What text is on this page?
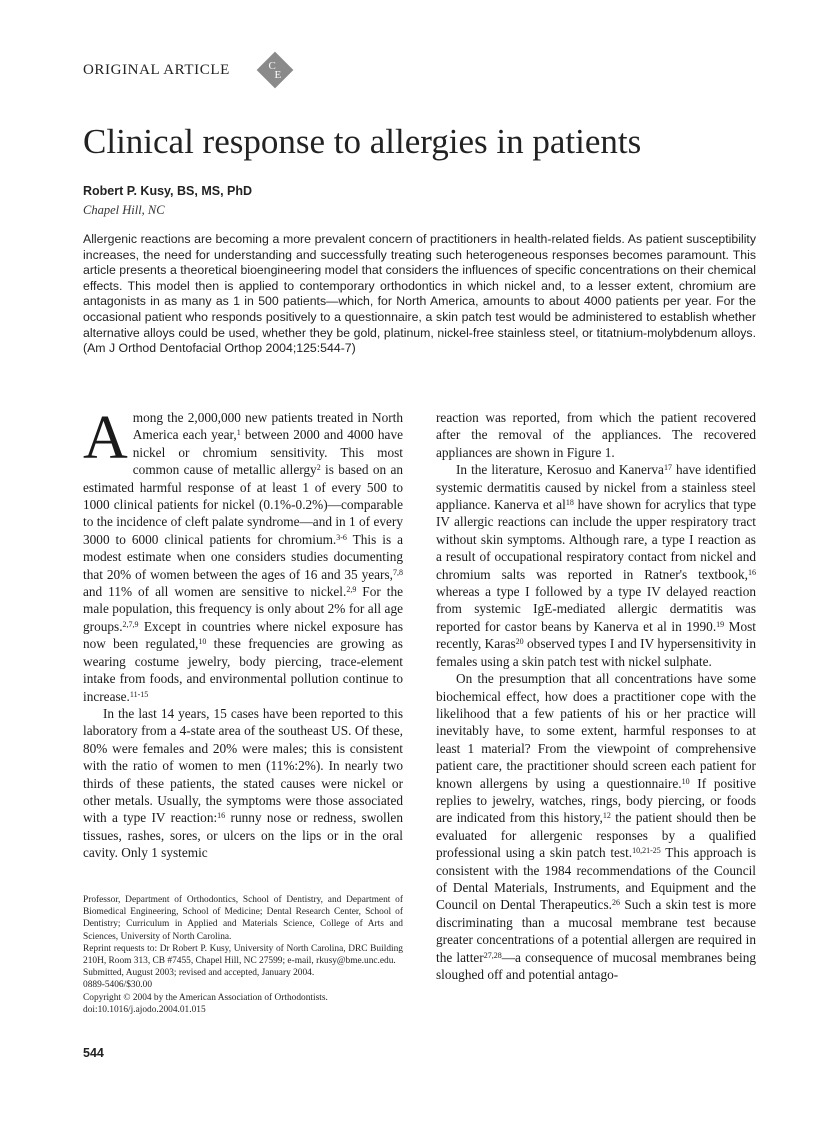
ORIGINAL ARTICLE	C
E
Clinical response to allergies in patients

Robert P. Kusy, BS, MS, PhD

Chapel Hill, NC

Allergenic reactions are becoming a more prevalent concern of practitioners in health-related fields. As patient susceptibility increases, the need for understanding and successfully treating such heterogeneous responses becomes paramount. This article presents a theoretical bioengineering model that considers the influences of specific concentrations on their chemical effects. This model then is applied to contemporary orthodontics in which nickel and, to a lesser extent, chromium are antagonists in as many as 1 in 500 patients—which, for North America, amounts to about 4000 patients per year. For the occasional patient who responds positively to a questionnaire, a skin patch test would be administered to establish whether alternative alloys could be used, whether they be gold, platinum, nickel-free stainless steel, or titatnium-molybdenum alloys. (Am J Orthod Dentofacial Orthop 2004;125:544-7)

Among the 2,000,000 new patients treated in North America each year,$^1$ between 2000 and 4000 have nickel or chromium sensitivity. This most common cause of metallic allergy$^2$ is based on an estimated harmful response of at least 1 of every 500 to 1000 clinical patients for nickel (0.1%-0.2%)—comparable to the incidence of cleft palate syndrome—and in 1 of every 3000 to 6000 clinical patients for chromium.$^{3-6}$ This is a modest estimate when one considers studies documenting that 20% of women between the ages of 16 and 35 years,$^{7,8}$ and 11% of all women are sensitive to nickel.$^{2,9}$ For the male population, this frequency is only about 2% for all age groups.$^{2,7,9}$ Except in countries where nickel exposure has now been regulated,$^{10}$ these frequencies are growing as wearing costume jewelry, body piercing, trace-element intake from foods, and environmental pollution continue to increase.$^{11-15}$

In the last 14 years, 15 cases have been reported to this laboratory from a 4-state area of the southeast US. Of these, 80% were females and 20% were males; this is consistent with the ratio of women to men (11%:2%). In nearly two thirds of these patients, the stated causes were nickel or other metals. Usually, the symptoms were those associated with a type IV reaction:$^{16}$ runny nose or redness, swollen tissues, rashes, sores, or ulcers on the lips or in the oral cavity. Only 1 systemic

reaction was reported, from which the patient recovered after the removal of the appliances. The recovered appliances are shown in Figure 1.

In the literature, Kerosuo and Kanerva$^{17}$ have identified systemic dermatitis caused by nickel from a stainless steel appliance. Kanerva et $al^{18}$ have shown for acrylics that type IV allergic reactions can include the upper respiratory tract without skin symptoms. Although rare, a type I reaction as a result of occupational respiratory contact from nickel and chromium salts was reported in Ratner's textbook,$^{16}$ whereas a type I followed by a type IV delayed reaction from systemic IgE-mediated allergic dermatitis was reported for castor beans by Kanerva et al in 1990.19 Most recently, Karas$^{20}$ observed types I and IV hypersensitivity in females using a skin patch test with nickel sulphate.

On the presumption that all concentrations have some biochemical effect, how does a practitioner cope with the likelihood that a few patients of his or her practice will inevitably have, to some extent, harmful responses to at least 1 material? From the viewpoint of comprehensive patient care, the practitioner should screen each patient for known allergens by using a questionnaire.$^{10}$ If positive replies to jewelry, watches, rings, body piercing, or foods are indicated from this history,$^{12}$ the patient should then be evaluated for allergenic responses by a qualified professional using a skin patch test.$^{10,21-25}$ This approach is consistent with the 1984 recommendations of the Council of Dental Materials, Instruments, and Equipment and the Council on Dental Therapeutics.$^{26}$ Such a skin test is more discriminating than a mucosal membrane test because greater concentrations of a potential allergen are required in the latter$^{27,28}$—a consequence of mucosal membranes being sloughed off and potential antago-

Professor, Department of Orthodontics, School of Dentistry, and Department of Biomedical Engineering, School of Medicine; Dental Research Center, School of Dentistry; Curriculum in Applied and Materials Science, College of Arts and Sciences, University of North Carolina.

Reprint requests to: Dr Robert P. Kusy, University of North Carolina, DRC Building 210H, Room 313, CB #7455, Chapel Hill, NC 27599; e-mail, rkusy@bme.unc.edu.

Submitted, August 2003; revised and accepted, January 2004.

0889-5406/$30.00

Copyright © 2004 by the American Association of Orthodontists.

doi:10.1016/j.ajodo.2004.01.015

544
